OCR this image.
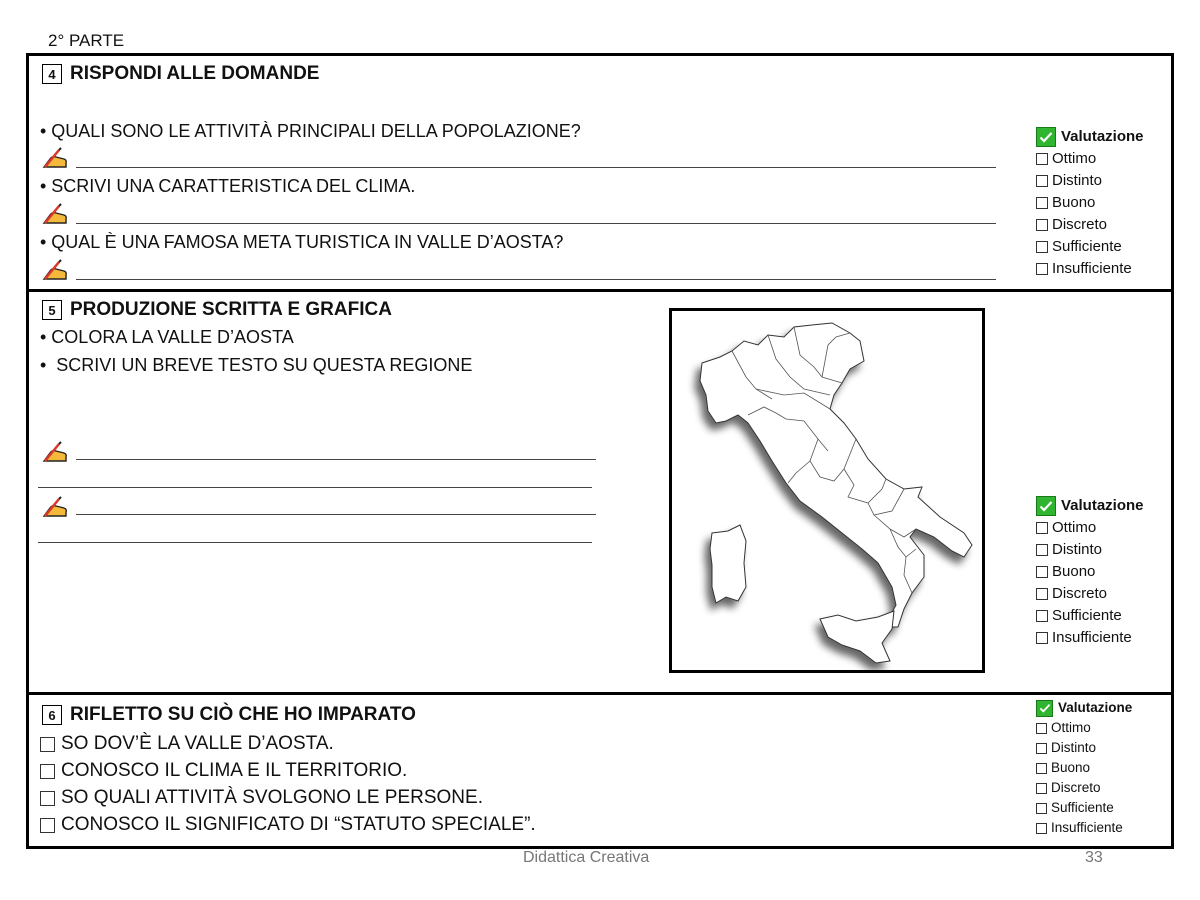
2° PARTE
4 RISPONDI ALLE DOMANDE
• QUALI SONO LE ATTIVITÀ PRINCIPALI DELLA POPOLAZIONE?
• SCRIVI UNA CARATTERISTICA DEL CLIMA.
• QUAL È UNA FAMOSA META TURISTICA IN VALLE D’AOSTA?
Valutazione
Ottimo
Distinto
Buono
Discreto
Sufficiente
Insufficiente
5 PRODUZIONE SCRITTA E GRAFICA
• COLORA LA VALLE D’AOSTA
•  SCRIVI UN BREVE TESTO SU QUESTA REGIONE
Valutazione
Ottimo
Distinto
Buono
Discreto
Sufficiente
Insufficiente
6 RIFLETTO SU CIÒ CHE HO IMPARATO
SO DOV’È LA VALLE D’AOSTA.
CONOSCO IL CLIMA E IL TERRITORIO.
SO QUALI ATTIVITÀ SVOLGONO LE PERSONE.
CONOSCO IL SIGNIFICATO DI “STATUTO SPECIALE”.
Valutazione
Ottimo
Distinto
Buono
Discreto
Sufficiente
Insufficiente
Didattica Creativa	33
